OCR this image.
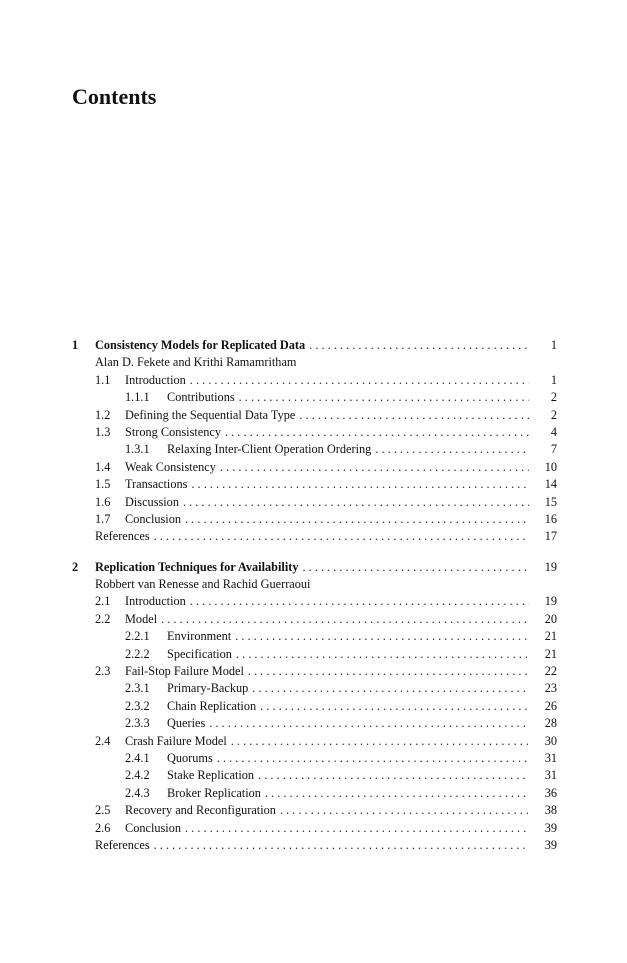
Contents
1 Consistency Models for Replicated Data . . .	1
Alan D. Fekete and Krithi Ramamritham
1.1 Introduction . . .	1
1.1.1 Contributions . . .	2
1.2 Defining the Sequential Data Type . . .	2
1.3 Strong Consistency . . .	4
1.3.1 Relaxing Inter-Client Operation Ordering . . .	7
1.4 Weak Consistency . . .	10
1.5 Transactions . . .	14
1.6 Discussion . . .	15
1.7 Conclusion . . .	16
References . . .	17
2 Replication Techniques for Availability . . .	19
Robbert van Renesse and Rachid Guerraoui
2.1 Introduction . . .	19
2.2 Model . . .	20
2.2.1 Environment . . .	21
2.2.2 Specification . . .	21
2.3 Fail-Stop Failure Model . . .	22
2.3.1 Primary-Backup . . .	23
2.3.2 Chain Replication . . .	26
2.3.3 Queries . . .	28
2.4 Crash Failure Model . . .	30
2.4.1 Quorums . . .	31
2.4.2 Stake Replication . . .	31
2.4.3 Broker Replication . . .	36
2.5 Recovery and Reconfiguration . . .	38
2.6 Conclusion . . .	39
References . . .	39
